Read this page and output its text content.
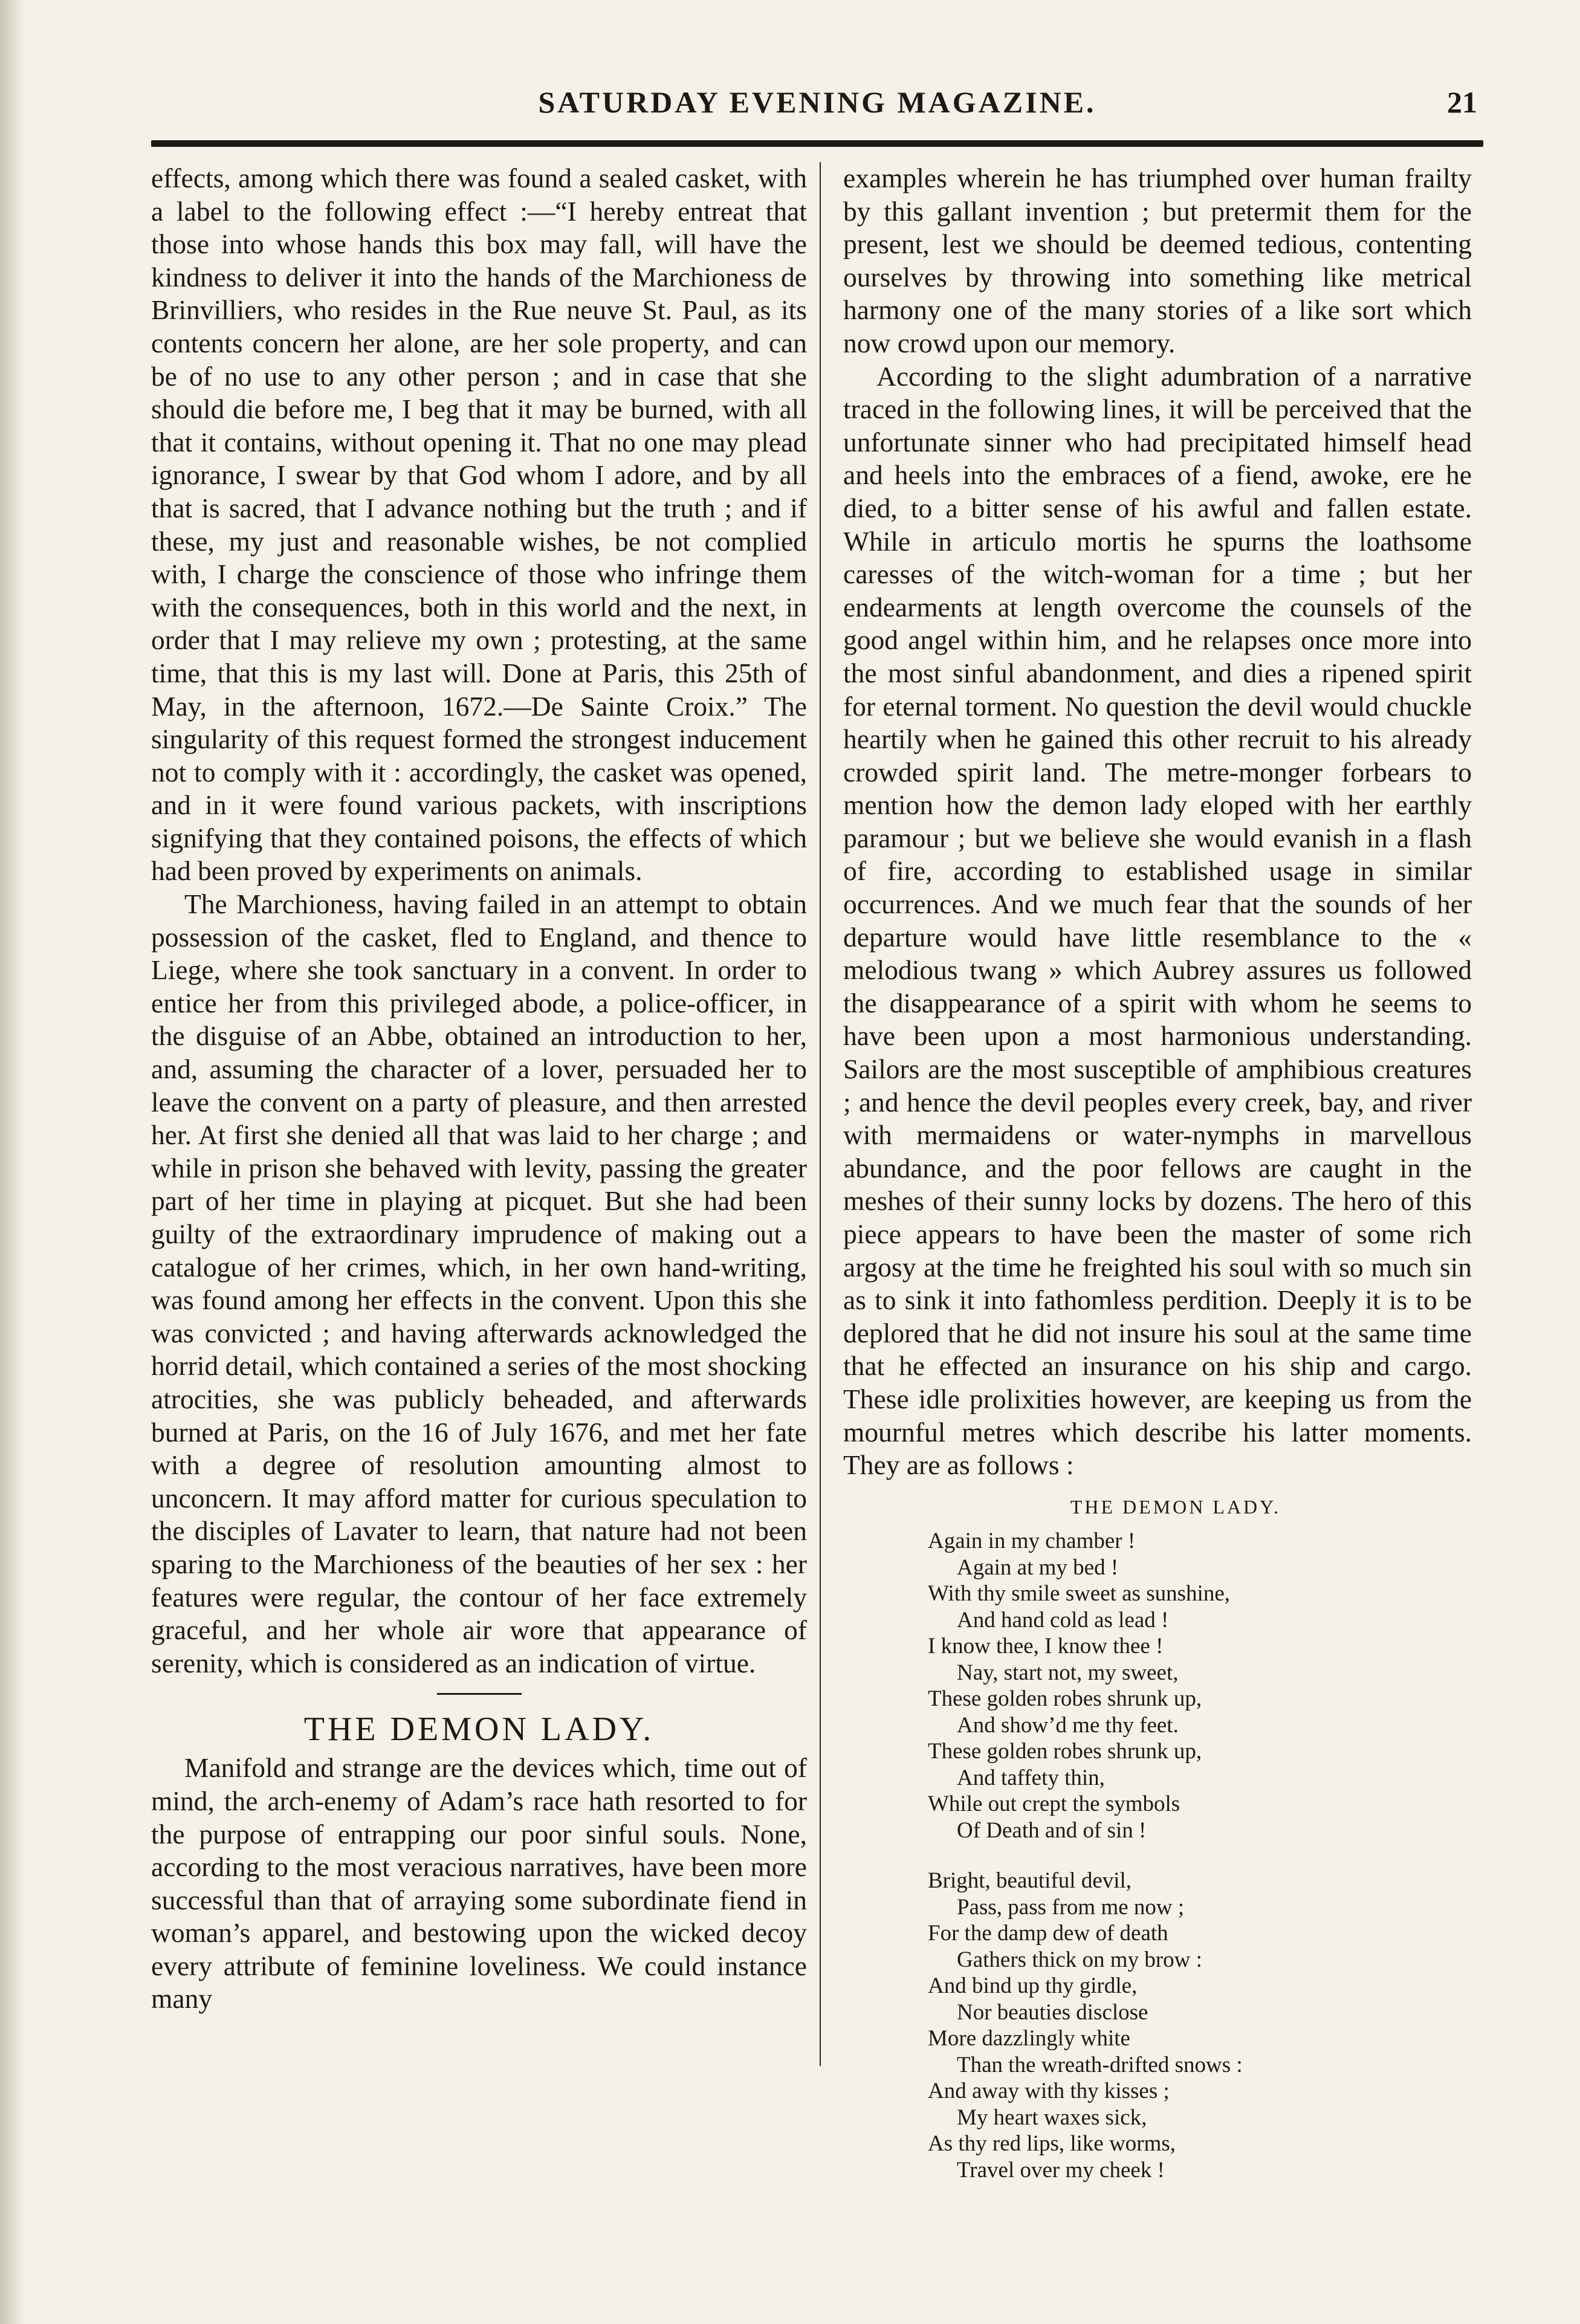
SATURDAY EVENING MAGAZINE.	21

effects, among which there was found a sealed casket, with a label to the following effect :—“I hereby entreat that those into whose hands this box may fall, will have the kindness to deliver it into the hands of the Marchioness de Brinvilliers, who resides in the Rue neuve St. Paul, as its contents concern her alone, are her sole property, and can be of no use to any other person ; and in case that she should die before me, I beg that it may be burned, with all that it contains, without opening it. That no one may plead ignorance, I swear by that God whom I adore, and by all that is sacred, that I advance nothing but the truth ; and if these, my just and reasonable wishes, be not complied with, I charge the conscience of those who infringe them with the consequences, both in this world and the next, in order that I may relieve my own ; protesting, at the same time, that this is my last will. Done at Paris, this 25th of May, in the afternoon, 1672.—De Sainte Croix.” The singularity of this request formed the strongest inducement not to comply with it : accordingly, the casket was opened, and in it were found various packets, with inscriptions signifying that they contained poisons, the effects of which had been proved by experiments on animals.

The Marchioness, having failed in an attempt to obtain possession of the casket, fled to England, and thence to Liege, where she took sanctuary in a convent. In order to entice her from this privileged abode, a police-officer, in the disguise of an Abbe, obtained an introduction to her, and, assuming the character of a lover, persuaded her to leave the convent on a party of pleasure, and then arrested her. At first she denied all that was laid to her charge ; and while in prison she behaved with levity, passing the greater part of her time in playing at picquet. But she had been guilty of the extraordinary imprudence of making out a catalogue of her crimes, which, in her own hand-writing, was found among her effects in the convent. Upon this she was convicted ; and having afterwards acknowledged the horrid detail, which contained a series of the most shocking atrocities, she was publicly beheaded, and afterwards burned at Paris, on the 16 of July 1676, and met her fate with a degree of resolution amounting almost to unconcern. It may afford matter for curious speculation to the disciples of Lavater to learn, that nature had not been sparing to the Marchioness of the beauties of her sex : her features were regular, the contour of her face extremely graceful, and her whole air wore that appearance of serenity, which is considered as an indication of virtue.

THE DEMON LADY.

Manifold and strange are the devices which, time out of mind, the arch-enemy of Adam’s race hath resorted to for the purpose of entrapping our poor sinful souls. None, according to the most veracious narratives, have been more successful than that of arraying some subordinate fiend in woman’s apparel, and bestowing upon the wicked decoy every attribute of feminine loveliness. We could instance many

examples wherein he has triumphed over human frailty by this gallant invention ; but pretermit them for the present, lest we should be deemed tedious, contenting ourselves by throwing into something like metrical harmony one of the many stories of a like sort which now crowd upon our memory.

According to the slight adumbration of a narrative traced in the following lines, it will be perceived that the unfortunate sinner who had precipitated himself head and heels into the embraces of a fiend, awoke, ere he died, to a bitter sense of his awful and fallen estate. While in articulo mortis he spurns the loathsome caresses of the witch-woman for a time ; but her endearments at length overcome the counsels of the good angel within him, and he relapses once more into the most sinful abandonment, and dies a ripened spirit for eternal torment. No question the devil would chuckle heartily when he gained this other recruit to his already crowded spirit land. The metre-monger forbears to mention how the demon lady eloped with her earthly paramour ; but we believe she would evanish in a flash of fire, according to established usage in similar occurrences. And we much fear that the sounds of her departure would have little resemblance to the « melodious twang » which Aubrey assures us followed the disappearance of a spirit with whom he seems to have been upon a most harmonious understanding. Sailors are the most susceptible of amphibious creatures ; and hence the devil peoples every creek, bay, and river with mermaidens or water-nymphs in marvellous abundance, and the poor fellows are caught in the meshes of their sunny locks by dozens. The hero of this piece appears to have been the master of some rich argosy at the time he freighted his soul with so much sin as to sink it into fathomless perdition. Deeply it is to be deplored that he did not insure his soul at the same time that he effected an insurance on his ship and cargo. These idle prolixities however, are keeping us from the mournful metres which describe his latter moments. They are as follows :

THE DEMON LADY.
Again in my chamber !
Again at my bed !
With thy smile sweet as sunshine,
And hand cold as lead !
I know thee, I know thee !
Nay, start not, my sweet,
These golden robes shrunk up,
And show’d me thy feet.
These golden robes shrunk up,
And taffety thin,
While out crept the symbols
Of Death and of sin !
Bright, beautiful devil,
Pass, pass from me now ;
For the damp dew of death
Gathers thick on my brow :
And bind up thy girdle,
Nor beauties disclose
More dazzlingly white
Than the wreath-drifted snows :
And away with thy kisses ;
My heart waxes sick,
As thy red lips, like worms,
Travel over my cheek !
